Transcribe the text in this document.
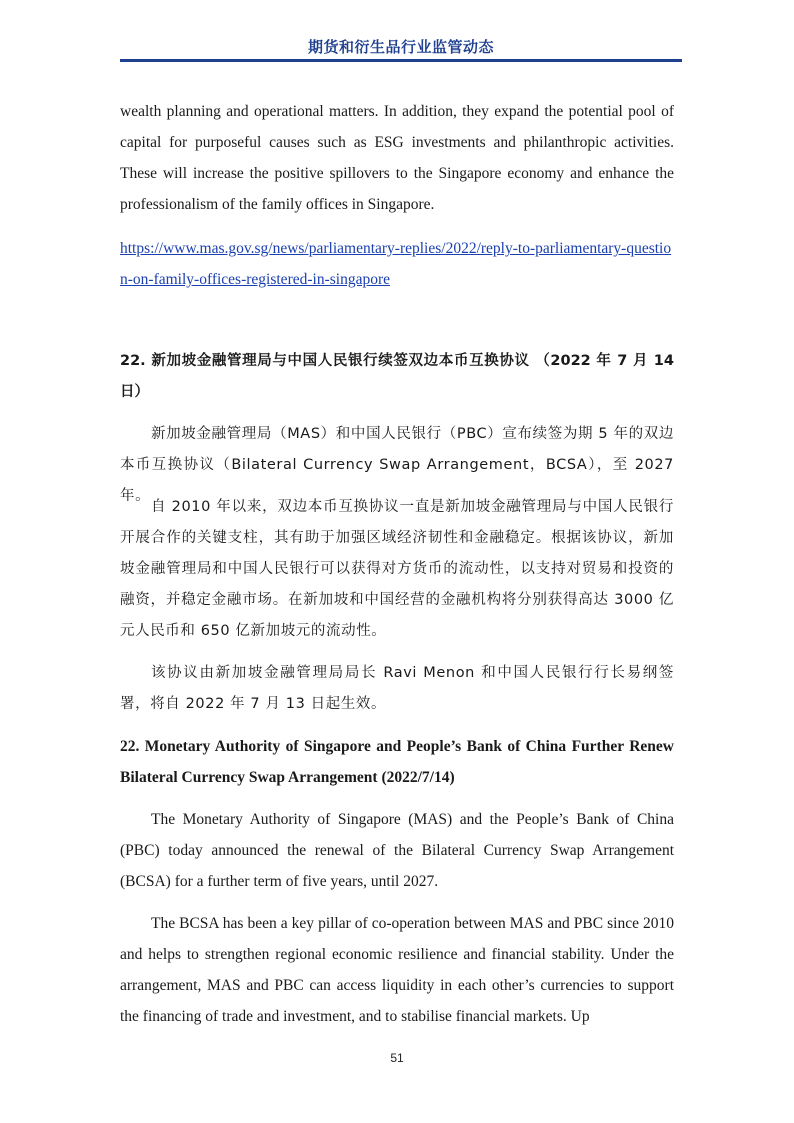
期货和衍生品行业监管动态

wealth planning and operational matters. In addition, they expand the potential pool of capital for purposeful causes such as ESG investments and philanthropic activities. These will increase the positive spillovers to the Singapore economy and enhance the professionalism of the family offices in Singapore.

https://www.mas.gov.sg/news/parliamentary-replies/2022/reply-to-parliamentary-question-on-family-offices-registered-in-singapore
22. 新加坡金融管理局与中国人民银行续签双边本币互换协议 （2022 年 7 月 14 日）

新加坡金融管理局（MAS）和中国人民银行（PBC）宣布续签为期 5 年的双边本币互换协议（Bilateral Currency Swap Arrangement，BCSA），至 2027 年。

自 2010 年以来，双边本币互换协议一直是新加坡金融管理局与中国人民银行开展合作的关键支柱，其有助于加强区域经济韧性和金融稳定。根据该协议，新加坡金融管理局和中国人民银行可以获得对方货币的流动性，以支持对贸易和投资的融资，并稳定金融市场。在新加坡和中国经营的金融机构将分别获得高达 3000 亿元人民币和 650 亿新加坡元的流动性。

该协议由新加坡金融管理局局长 Ravi Menon 和中国人民银行行长易纲签署，将自 2022 年 7 月 13 日起生效。

22. Monetary Authority of Singapore and People’s Bank of China Further Renew Bilateral Currency Swap Arrangement (2022/7/14)

The Monetary Authority of Singapore (MAS) and the People’s Bank of China (PBC) today announced the renewal of the Bilateral Currency Swap Arrangement (BCSA) for a further term of five years, until 2027.

The BCSA has been a key pillar of co-operation between MAS and PBC since 2010 and helps to strengthen regional economic resilience and financial stability. Under the arrangement, MAS and PBC can access liquidity in each other’s currencies to support the financing of trade and investment, and to stabilise financial markets. Up

51
